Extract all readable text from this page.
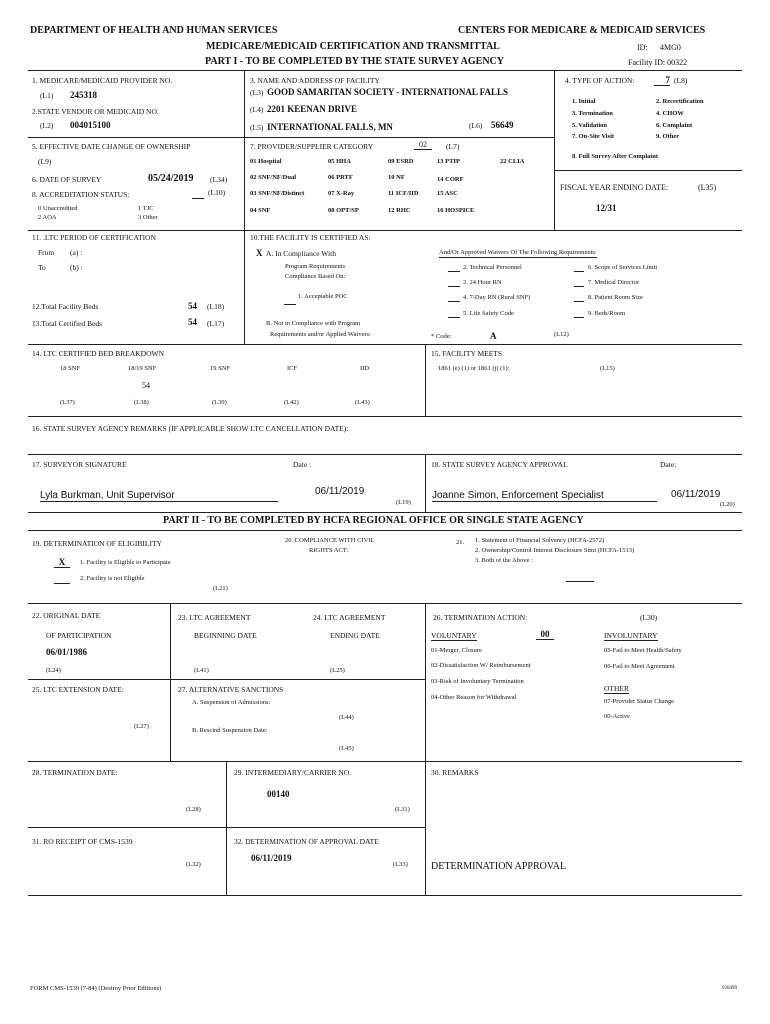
DEPARTMENT OF HEALTH AND HUMAN SERVICES	CENTERS FOR MEDICARE & MEDICAID SERVICES
MEDICARE/MEDICAID CERTIFICATION AND TRANSMITTAL
PART I - TO BE COMPLETED BY THE STATE SURVEY AGENCY
ID: 4MG0
Facility ID: 00322
1. MEDICARE/MEDICAID PROVIDER NO.
(L1) 245318
2.STATE VENDOR OR MEDICAID NO.
(L2) 004015100
3. NAME AND ADDRESS OF FACILITY
(L3) GOOD SAMARITAN SOCIETY - INTERNATIONAL FALLS
(L4) 2201 KEENAN DRIVE
(L5) INTERNATIONAL FALLS, MN	(L6) 56649
4. TYPE OF ACTION:	7 (L8)
1. Initial	2. Recertification
3. Termination	4. CHOW
5. Validation	6. Complaint
7. On-Site Visit	9. Other
8. Full Survey After Complaint
5. EFFECTIVE DATE CHANGE OF OWNERSHIP
(L9)
6. DATE OF SURVEY	05/24/2019 (L34)
8. ACCREDITATION STATUS:	(L10)
0 Unaccredited	1 TJC
2 AOA	3 Other
7. PROVIDER/SUPPLIER CATEGORY	02	(L7)
01 Hospital	05 HHA	09 ESRD	13 PTIP	22 CLIA
02 SNF/NF/Dual	06 PRTF	10 NF	14 CORF
03 SNF/NF/Distinct	07 X-Ray	11 ICF/IID	15 ASC
04 SNF	08 OPT/SP	12 RHC	16 HOSPICE
FISCAL YEAR ENDING DATE:	(L35)
12/31
11. .LTC PERIOD OF CERTIFICATION
From (a) :
To	(b) :
12.Total Facility Beds	54 (L18)
13.Total Certified Beds	54 (L17)
10.THE FACILITY IS CERTIFIED AS:
X A. In Compliance With
Program Requirements
Compliance Based On:
1. Acceptable POC
B. Not in Compliance with Program
Requirements and/or Applied Waivers:
And/Or Approved Waivers Of The Following Requirements:
2. Technical Personnel
3. 24 Hour RN
4. 7-Day RN (Rural SNF)
5. Life Safety Code
6. Scope of Services Limit
7. Medical Director
8. Patient Room Size
9. Beds/Room
* Code:	A	(L12)
14. LTC CERTIFIED BED BREAKDOWN
18 SNF	18/19 SNF	19 SNF	ICF	IID
54
(L37)	(L38)	(L39)	(L42)	(L43)
15. FACILITY MEETS
1861 (e) (1) or 1861 (j) (1):	(L15)
16. STATE SURVEY AGENCY REMARKS (IF APPLICABLE SHOW LTC CANCELLATION DATE):
17. SURVEYOR SIGNATURE	Date :
Lyla Burkman, Unit Supervisor	06/11/2019
(L19)
18. STATE SURVEY AGENCY APPROVAL	Date:
Joanne Simon, Enforcement Specialist	06/11/2019
(L20)
PART II - TO BE COMPLETED BY HCFA REGIONAL OFFICE OR SINGLE STATE AGENCY
19. DETERMINATION OF ELIGIBILITY
X	1. Facility is Eligible to Participate
2. Facility is not Eligible
(L21)
20. COMPLIANCE WITH CIVIL
RIGHTS ACT:
21. 1. Statement of Financial Solvency (HCFA-2572)
2. Ownership/Control Interest Disclosure Stmt (HCFA-1513)
3. Both of the Above :
22. ORIGINAL DATE
OF PARTICIPATION
06/01/1986
(L24)
23. LTC AGREEMENT
BEGINNING DATE
(L41)
24. LTC AGREEMENT
ENDING DATE
(L25)
26. TERMINATION ACTION:	(L30)
VOLUNTARY	00	INVOLUNTARY
01-Merger, Closure
02-Dissatisfaction W/ Reimbursement
03-Risk of Involuntary Termination
04-Other Reason for Withdrawal
05-Fail to Meet Health/Safety
06-Fail to Meet Agreement
OTHER
07-Provider Status Change
00-Active
25. LTC EXTENSION DATE:
(L27)
27. ALTERNATIVE SANCTIONS
A. Suspension of Admissions:
(L44)
B. Rescind Suspension Date:
(L45)
28. TERMINATION DATE:
(L28)
29. INTERMEDIARY/CARRIER NO.
00140
(L31)
30. REMARKS
31. RO RECEIPT OF CMS-1539
(L32)
32. DETERMINATION OF APPROVAL DATE
06/11/2019
(L33) DETERMINATION APPROVAL
FORM CMS-1539 (7-84) (Destroy Prior Editions)	020499
